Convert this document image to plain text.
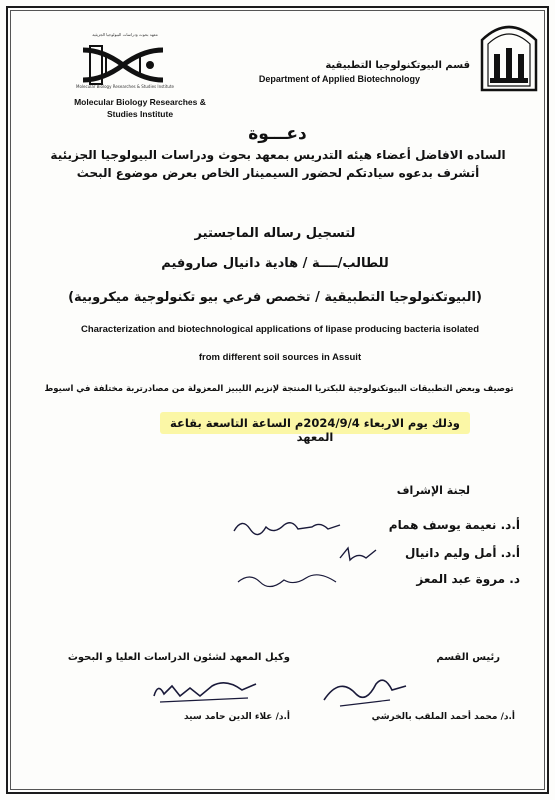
معهد بحوث ودراسات البيولوجيا الجزيئية
Molecular Biology Researches & Studies Institute
Molecular Biology Researches & Studies Institute
قسم البيوتكنولوجيا التطبيقية
Department of Applied Biotechnology
دعـــوة
الساده الافاضل أعضاء هيئه التدريس بمعهد بحوث ودراسات البيولوجيا الجزيئية
أتشرف بدعوه سيادتكم لحضور السيمينار الخاص بعرض موضوع البحث
لتسجيل رساله الماجستير
للطالب/ــــة / هادية دانيال صاروفيم
(البيوتكنولوجيا التطبيقية / تخصص فرعي بيو تكنولوجية ميكروبية)
Characterization and biotechnological applications of lipase producing bacteria isolated
from different soil sources in Assuit
توصيف وبعض التطبيقات البيوتكنولوجية للبكتريا المنتجة لإنزيم الليبيز المعزولة من مصادرتربة مختلفة في اسيوط
وذلك يوم الاربعاء 2024/9/4م الساعة التاسعة بقاعة المعهد
لجنة الإشراف
أ.د. نعيمة يوسف همام
أ.د. أمل وليم دانيال
د. مروة عبد المعز
رئيس القسم
وكيل المعهد لشئون الدراسات العليا و البحوث
أ.د/ محمد أحمد الملقب بالخرشي
أ.د/ علاء الدين حامد سيد
